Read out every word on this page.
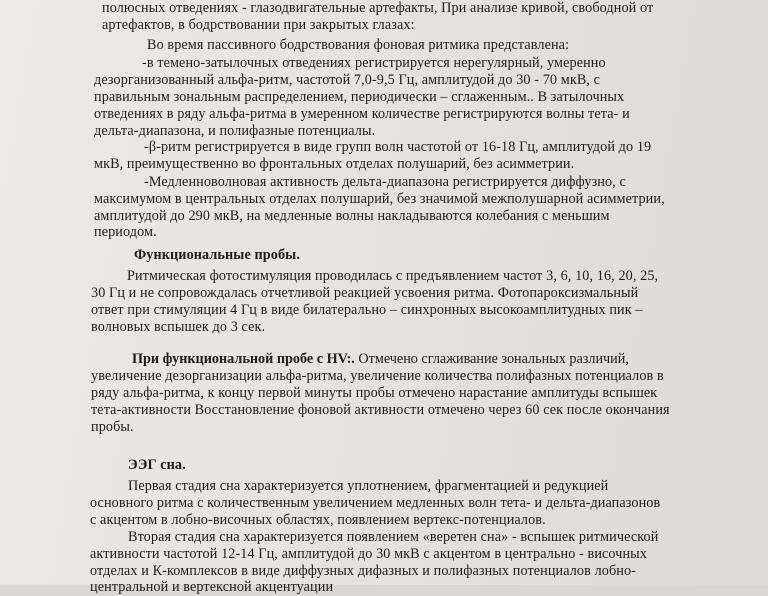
полюсных отведениях - глазодвигательные артефакты, При анализе кривой, свободной от
артефактов, в бодрствовании при закрытых глазах:
Во время пассивного бодрствования фоновая ритмика представлена:
-в темено-затылочных отведениях регистрируется нерегулярный, умеренно
дезорганизованный альфа-ритм, частотой 7,0-9,5 Гц, амплитудой до 30 - 70 мкВ, с
правильным зональным распределением, периодически – сглаженным.. В затылочных
отведениях в ряду альфа-ритма в умеренном количестве регистрируются волны тета- и
дельта-диапазона, и полифазные потенциалы.
-β-ритм регистрируется в виде групп волн частотой от 16-18 Гц, амплитудой до 19
мкВ, преимущественно во фронтальных отделах полушарий, без асимметрии.
-Медленноволновая активность дельта-диапазона регистрируется диффузно, с
максимумом в центральных отделах полушарий, без значимой межполушарной асимметрии,
амплитудой до 290 мкВ, на медленные волны накладываются колебания с меньшим
периодом.
Функциональные пробы.
Ритмическая фотостимуляция проводилась с предъявлением частот 3, 6, 10, 16, 20, 25,
30 Гц и не сопровождалась отчетливой реакцией усвоения ритма. Фотопароксизмальный
ответ при стимуляции 4 Гц в виде билатерально – синхронных высокоамплитудных пик –
волновых вспышек до 3 сек.
При функциональной пробе с HV:. Отмечено сглаживание зональных различий,
увеличение дезорганизации альфа-ритма, увеличение количества полифазных потенциалов в
ряду альфа-ритма, к концу первой минуты пробы отмечено нарастание амплитуды вспышек
тета-активности Восстановление фоновой активности отмечено через 60 сек после окончания
пробы.
ЭЭГ сна.
Первая стадия сна характеризуется уплотнением, фрагментацией и редукцией
основного ритма с количественным увеличением медленных волн тета- и дельта-диапазонов
с акцентом в лобно-височных областях, появлением вертекс-потенциалов.
Вторая стадия сна характеризуется появлением «веретен сна» - вспышек ритмической
активности частотой 12-14 Гц, амплитудой до 30 мкВ с акцентом в центрально - височных
отделах и К-комплексов в виде диффузных дифазных и полифазных потенциалов лобно-
центральной и вертексной акцентуации
